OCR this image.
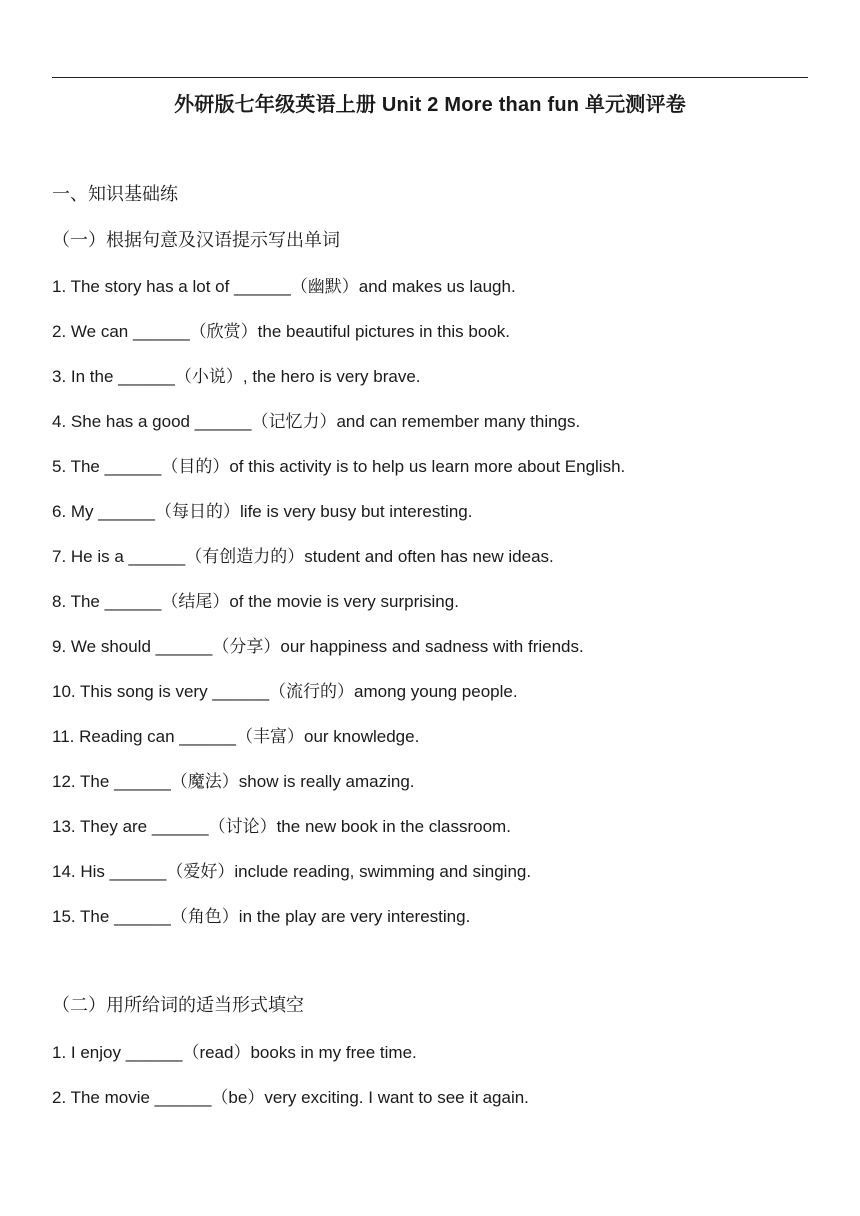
外研版七年级英语上册 Unit 2 More than fun 单元测评卷
一、知识基础练
（一）根据句意及汉语提示写出单词
1. The story has a lot of ______（幽默）and makes us laugh.
2. We can ______（欣赏）the beautiful pictures in this book.
3. In the ______（小说）, the hero is very brave.
4. She has a good ______（记忆力）and can remember many things.
5. The ______（目的）of this activity is to help us learn more about English.
6. My ______（每日的）life is very busy but interesting.
7. He is a ______（有创造力的）student and often has new ideas.
8. The ______（结尾）of the movie is very surprising.
9. We should ______（分享）our happiness and sadness with friends.
10. This song is very ______（流行的）among young people.
11. Reading can ______（丰富）our knowledge.
12. The ______（魔法）show is really amazing.
13. They are ______（讨论）the new book in the classroom.
14. His ______（爱好）include reading, swimming and singing.
15. The ______（角色）in the play are very interesting.
（二）用所给词的适当形式填空
1. I enjoy ______（read）books in my free time.
2. The movie ______（be）very exciting. I want to see it again.
